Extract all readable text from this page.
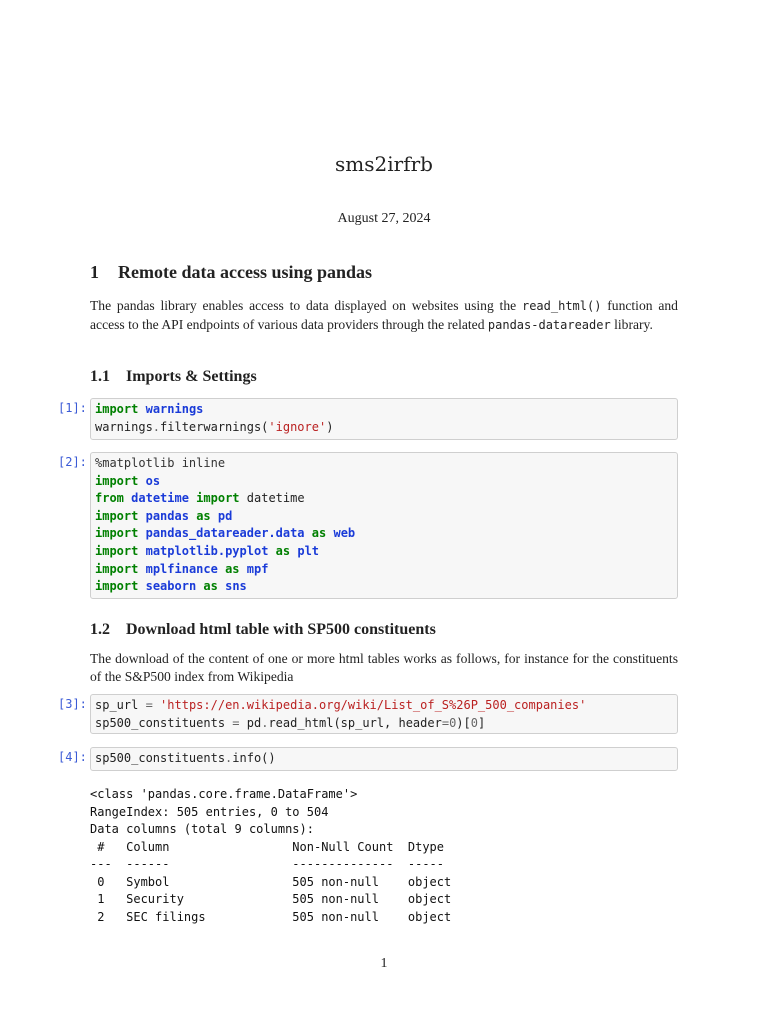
sms2irfrb
August 27, 2024
1 Remote data access using pandas
The pandas library enables access to data displayed on websites using the read_html() function and access to the API endpoints of various data providers through the related pandas-datareader library.
1.1 Imports & Settings
[1]: import warnings
warnings.filterwarnings('ignore')
[2]: %matplotlib inline
import os
from datetime import datetime
import pandas as pd
import pandas_datareader.data as web
import matplotlib.pyplot as plt
import mplfinance as mpf
import seaborn as sns
1.2 Download html table with SP500 constituents
The download of the content of one or more html tables works as follows, for instance for the constituents of the S&P500 index from Wikipedia
[3]: sp_url = 'https://en.wikipedia.org/wiki/List_of_S%26P_500_companies'
sp500_constituents = pd.read_html(sp_url, header=0)[0]
[4]: sp500_constituents.info()
<class 'pandas.core.frame.DataFrame'>
RangeIndex: 505 entries, 0 to 504
Data columns (total 9 columns):
#   Column                 Non-Null Count  Dtype
---  ------                 --------------  -----
0   Symbol                 505 non-null    object
1   Security               505 non-null    object
2   SEC filings            505 non-null    object
1
